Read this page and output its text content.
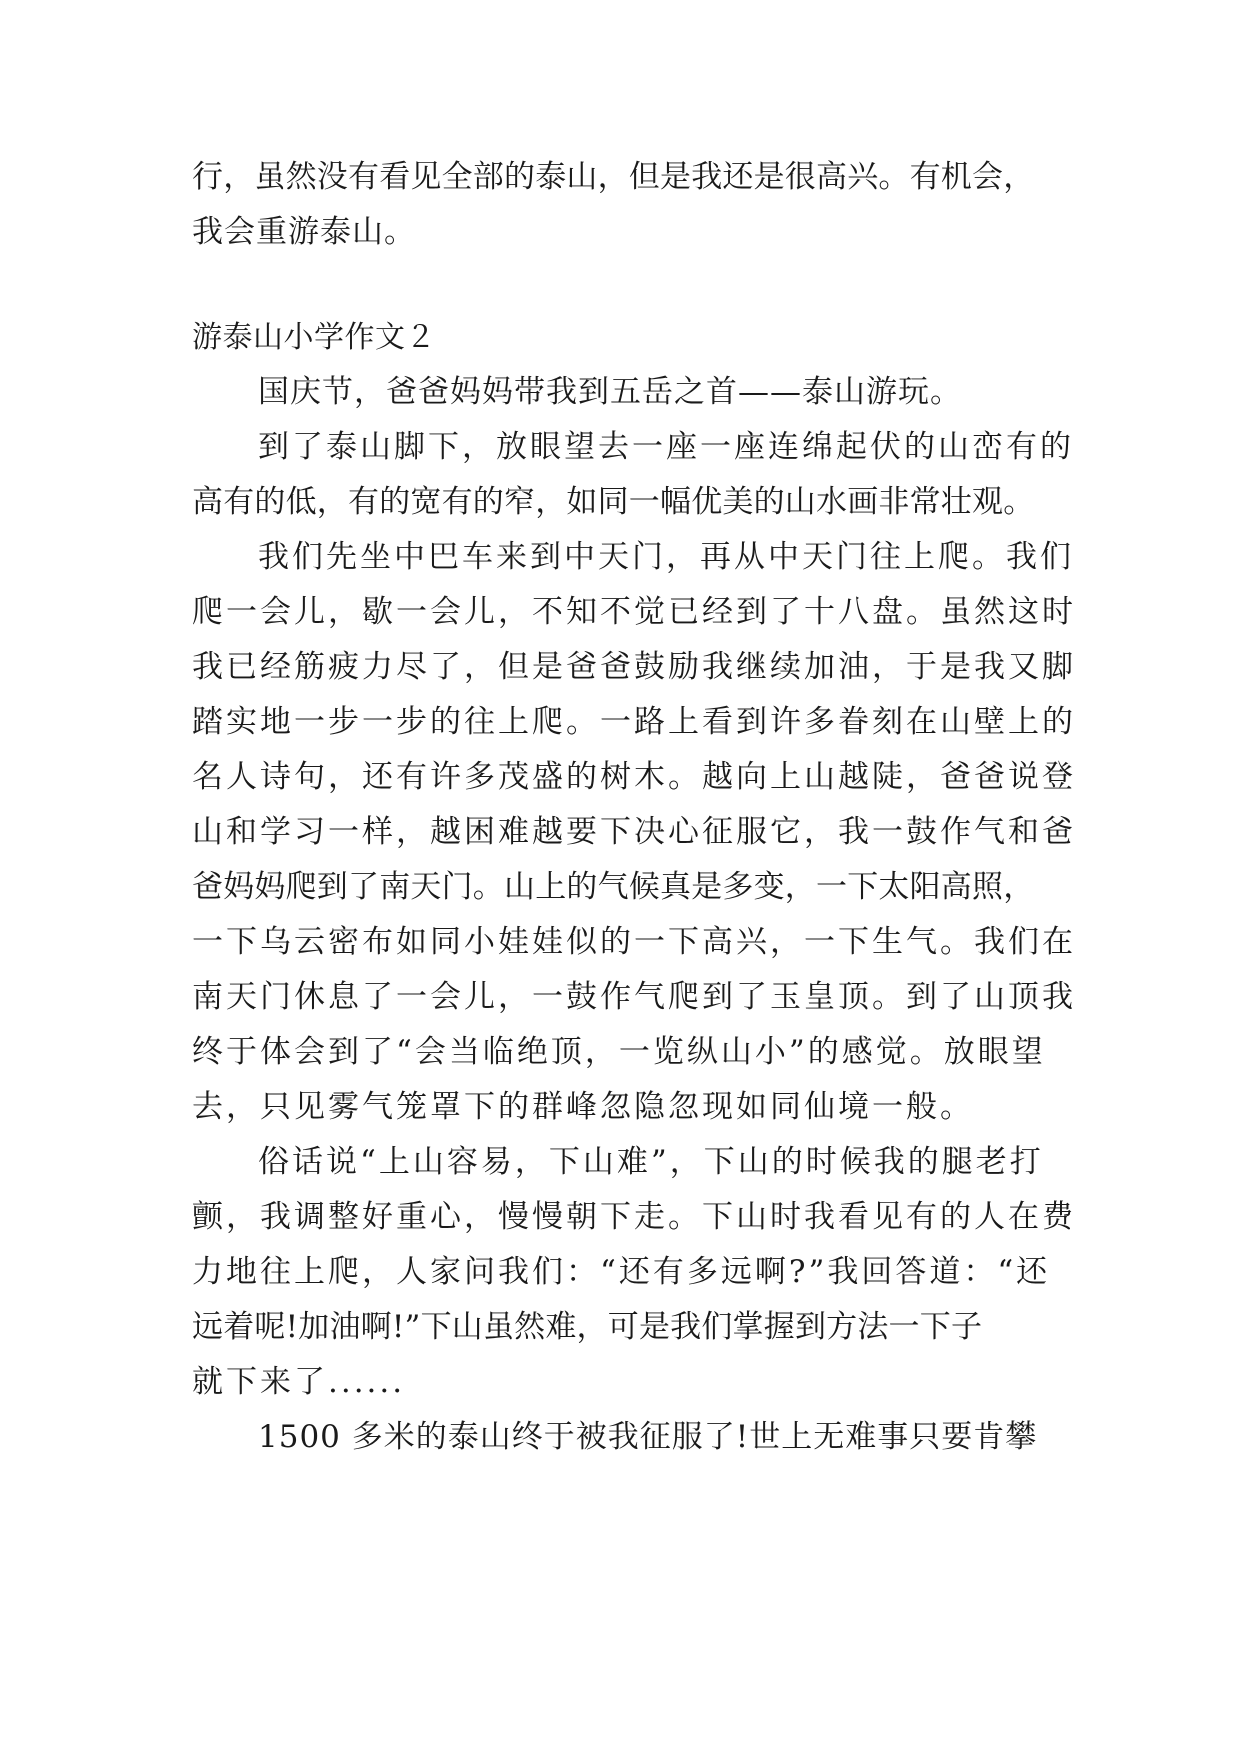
行，虽然没有看见全部的泰山，但是我还是很高兴。有机会，
我会重游泰山。
游泰山小学作文２
国庆节，爸爸妈妈带我到五岳之首——泰山游玩。
到了泰山脚下，放眼望去一座一座连绵起伏的山峦有的
高有的低，有的宽有的窄，如同一幅优美的山水画非常壮观。
我们先坐中巴车来到中天门，再从中天门往上爬。我们
爬一会儿，歇一会儿，不知不觉已经到了十八盘。虽然这时
我已经筋疲力尽了，但是爸爸鼓励我继续加油，于是我又脚
踏实地一步一步的往上爬。一路上看到许多眷刻在山壁上的
名人诗句，还有许多茂盛的树木。越向上山越陡，爸爸说登
山和学习一样，越困难越要下决心征服它，我一鼓作气和爸
爸妈妈爬到了南天门。山上的气候真是多变，一下太阳高照，
一下乌云密布如同小娃娃似的一下高兴，一下生气。我们在
南天门休息了一会儿，一鼓作气爬到了玉皇顶。到了山顶我
终于体会到了“会当临绝顶，一览纵山小”的感觉。放眼望
去，只见雾气笼罩下的群峰忽隐忽现如同仙境一般。
俗话说“上山容易，下山难”，下山的时候我的腿老打
颤，我调整好重心，慢慢朝下走。下山时我看见有的人在费
力地往上爬，人家问我们：“还有多远啊?”我回答道：“还
远着呢!加油啊!”下山虽然难，可是我们掌握到方法一下子
就下来了......
1500 多米的泰山终于被我征服了!世上无难事只要肯攀
